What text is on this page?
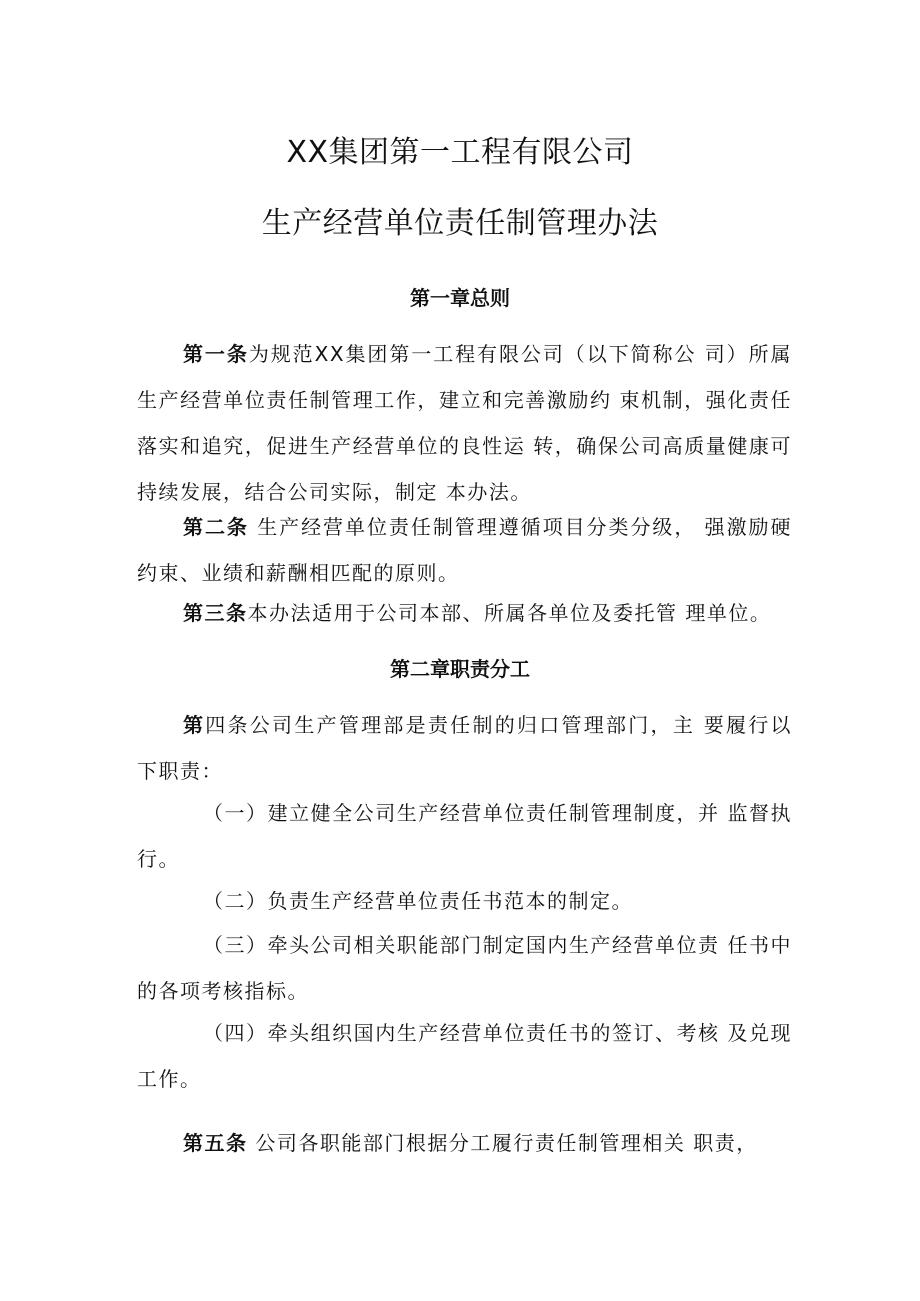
XX集团第一工程有限公司
生产经营单位责任制管理办法
第一章总则

第一条为规范XX集团第一工程有限公司（以下简称公 司）所属生产经营单位责任制管理工作，建立和完善激励约 束机制，强化责任落实和追究，促进生产经营单位的良性运 转，确保公司高质量健康可持续发展，结合公司实际，制定 本办法。

第二条 生产经营单位责任制管理遵循项目分类分级， 强激励硬约束、业绩和薪酬相匹配的原则。

第三条本办法适用于公司本部、所属各单位及委托管 理单位。

第二章职责分工

第四条公司生产管理部是责任制的归口管理部门，主 要履行以下职责：

（一）建立健全公司生产经营单位责任制管理制度，并 监督执行。

（二）负责生产经营单位责任书范本的制定。

（三）牵头公司相关职能部门制定国内生产经营单位责 任书中的各项考核指标。

（四）牵头组织国内生产经营单位责任书的签订、考核 及兑现工作。

第五条 公司各职能部门根据分工履行责任制管理相关 职责，
